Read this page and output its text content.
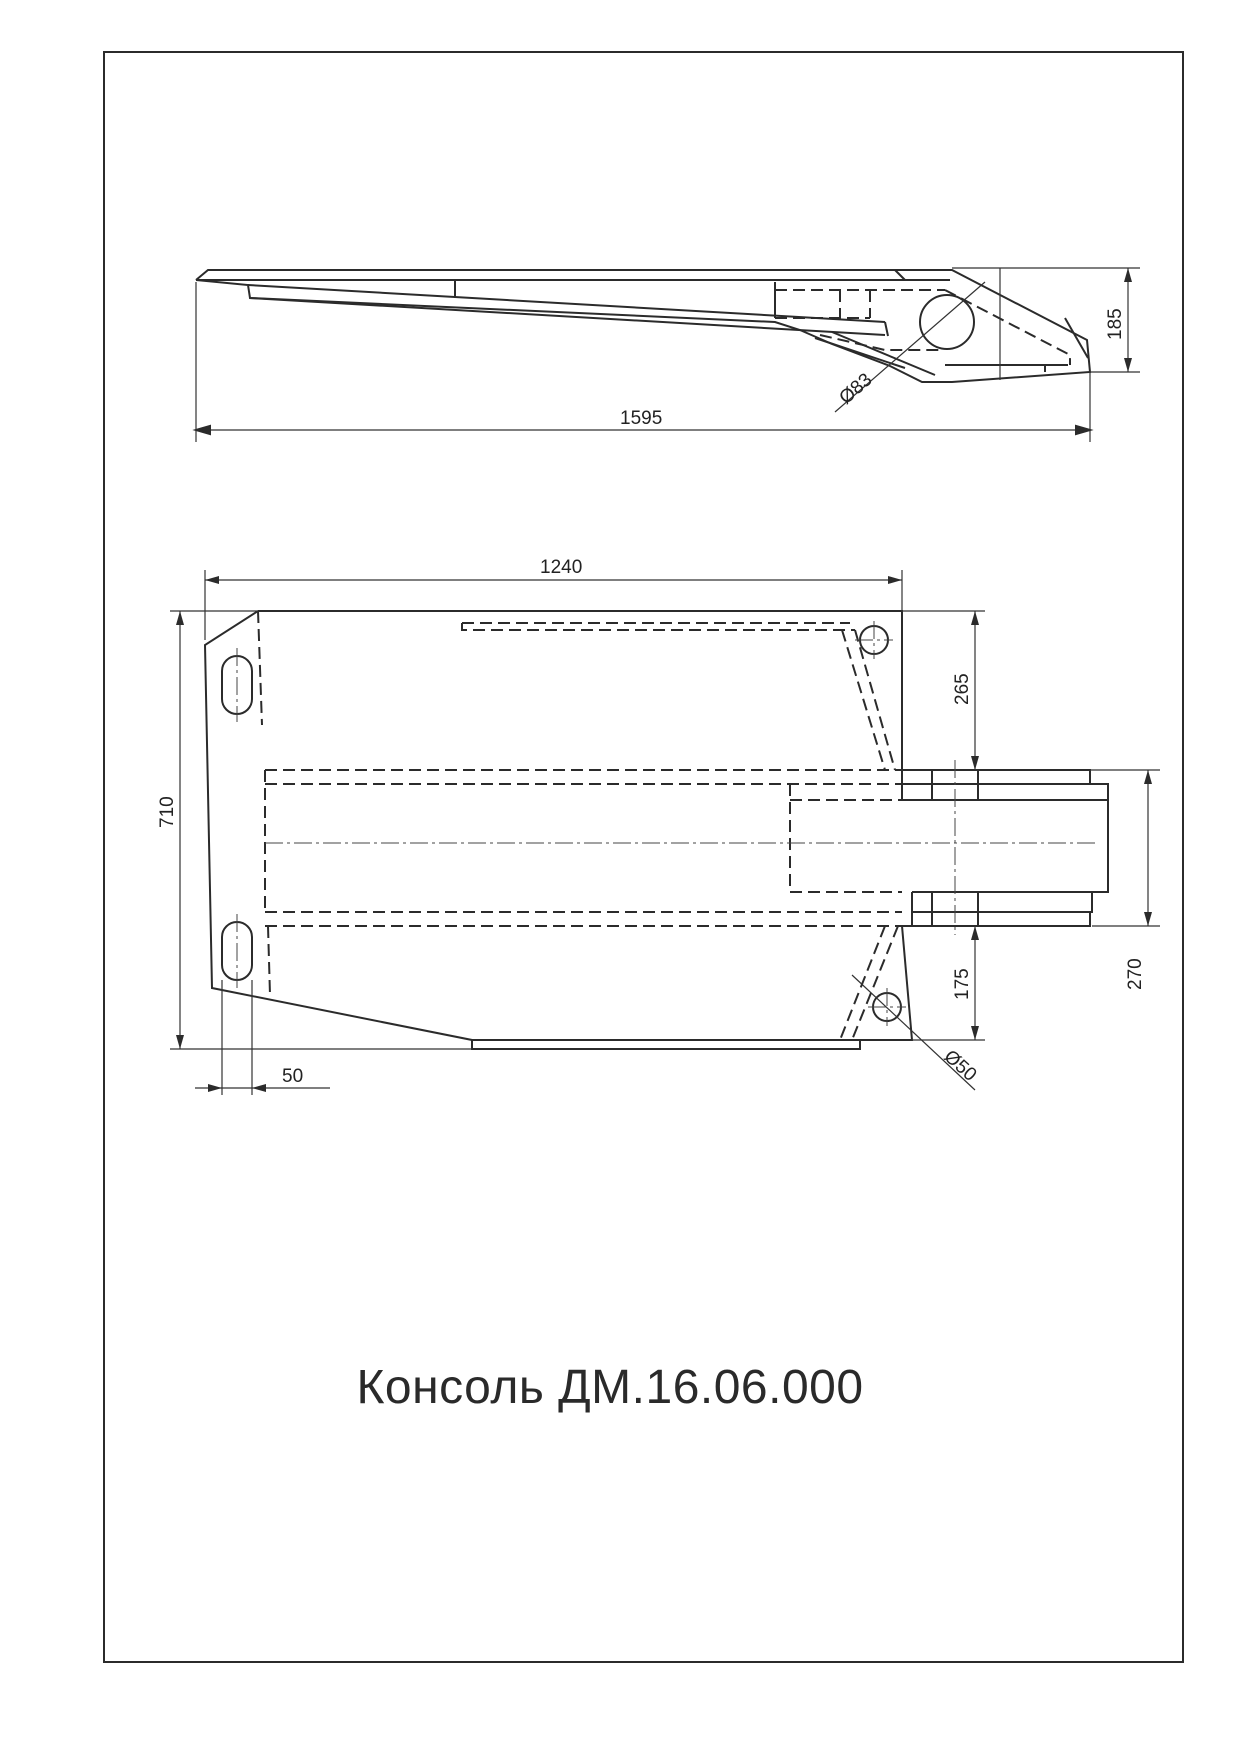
Ø83
1595
185
Ø50
1240
710
265
175	270
50
Консоль ДМ.16.06.000
